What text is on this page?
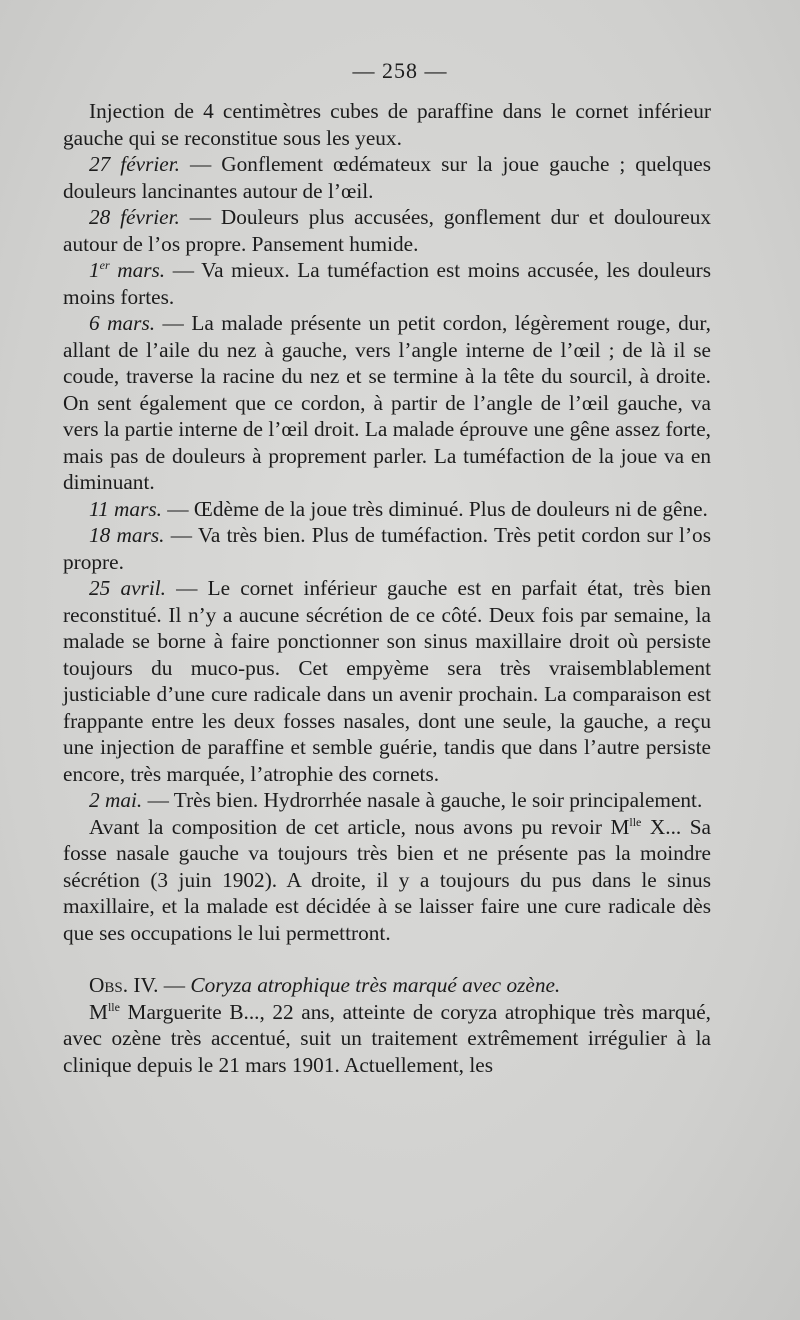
— 258 —

Injection de 4 centimètres cubes de paraffine dans le cornet inférieur gauche qui se reconstitue sous les yeux.

27 février. — Gonflement œdémateux sur la joue gauche ; quelques douleurs lancinantes autour de l’œil.

28 février. — Douleurs plus accusées, gonflement dur et douloureux autour de l’os propre. Pansement humide.

1er mars. — Va mieux. La tuméfaction est moins accusée, les douleurs moins fortes.

6 mars. — La malade présente un petit cordon, légèrement rouge, dur, allant de l’aile du nez à gauche, vers l’angle interne de l’œil ; de là il se coude, traverse la racine du nez et se termine à la tête du sourcil, à droite. On sent également que ce cordon, à partir de l’angle de l’œil gauche, va vers la partie interne de l’œil droit. La malade éprouve une gêne assez forte, mais pas de douleurs à proprement parler. La tuméfaction de la joue va en diminuant.

11 mars. — Œdème de la joue très diminué. Plus de douleurs ni de gêne.

18 mars. — Va très bien. Plus de tuméfaction. Très petit cordon sur l’os propre.

25 avril. — Le cornet inférieur gauche est en parfait état, très bien reconstitué. Il n’y a aucune sécrétion de ce côté. Deux fois par semaine, la malade se borne à faire ponctionner son sinus maxillaire droit où persiste toujours du muco-pus. Cet empyème sera très vraisemblablement justiciable d’une cure radicale dans un avenir prochain. La comparaison est frappante entre les deux fosses nasales, dont une seule, la gauche, a reçu une injection de paraffine et semble guérie, tandis que dans l’autre persiste encore, très marquée, l’atrophie des cornets.

2 mai. — Très bien. Hydrorrhée nasale à gauche, le soir principalement.

Avant la composition de cet article, nous avons pu revoir $M^{lle}$ X... Sa fosse nasale gauche va toujours très bien et ne présente pas la moindre sécrétion (3 juin 1902). A droite, il y a toujours du pus dans le sinus maxillaire, et la malade est décidée à se laisser faire une cure radicale dès que ses occupations le lui permettront.

Obs. IV. — Coryza atrophique très marqué avec ozène.

$M^{lle}$ Marguerite B..., 22 ans, atteinte de coryza atrophique très marqué, avec ozène très accentué, suit un traitement extrêmement irrégulier à la clinique depuis le 21 mars 1901. Actuellement, les
